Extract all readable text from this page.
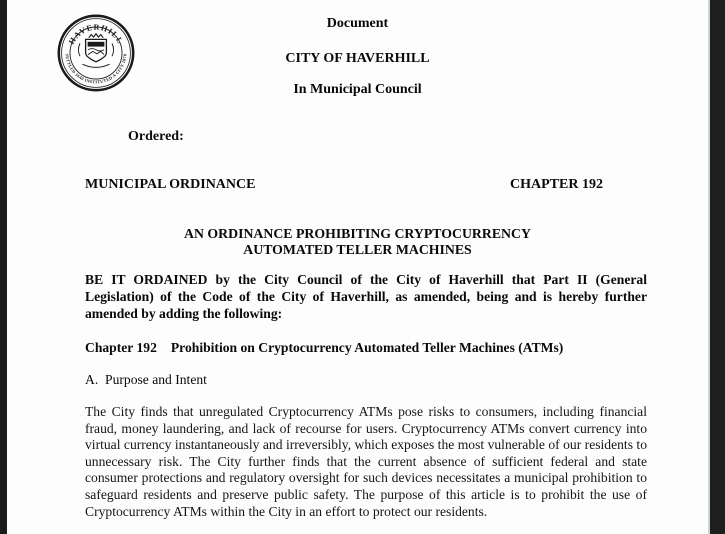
HAVERHILL
SETTLED 1640 INSTITUTED A CITY 1870
Document
CITY OF HAVERHILL
In Municipal Council
Ordered:
MUNICIPAL ORDINANCE	CHAPTER 192
AN ORDINANCE PROHIBITING CRYPTOCURRENCY
AUTOMATED TELLER MACHINES
BE IT ORDAINED by the City Council of the City of Haverhill that Part II (General Legislation) of the Code of the City of Haverhill, as amended, being and is hereby further amended by adding the following:
Chapter 192 Prohibition on Cryptocurrency Automated Teller Machines (ATMs)
A.  Purpose and Intent
The City finds that unregulated Cryptocurrency ATMs pose risks to consumers, including financial fraud, money laundering, and lack of recourse for users. Cryptocurrency ATMs convert currency into virtual currency instantaneously and irreversibly, which exposes the most vulnerable of our residents to unnecessary risk. The City further finds that the current absence of sufficient federal and state consumer protections and regulatory oversight for such devices necessitates a municipal prohibition to safeguard residents and preserve public safety. The purpose of this article is to prohibit the use of Cryptocurrency ATMs within the City in an effort to protect our residents.
